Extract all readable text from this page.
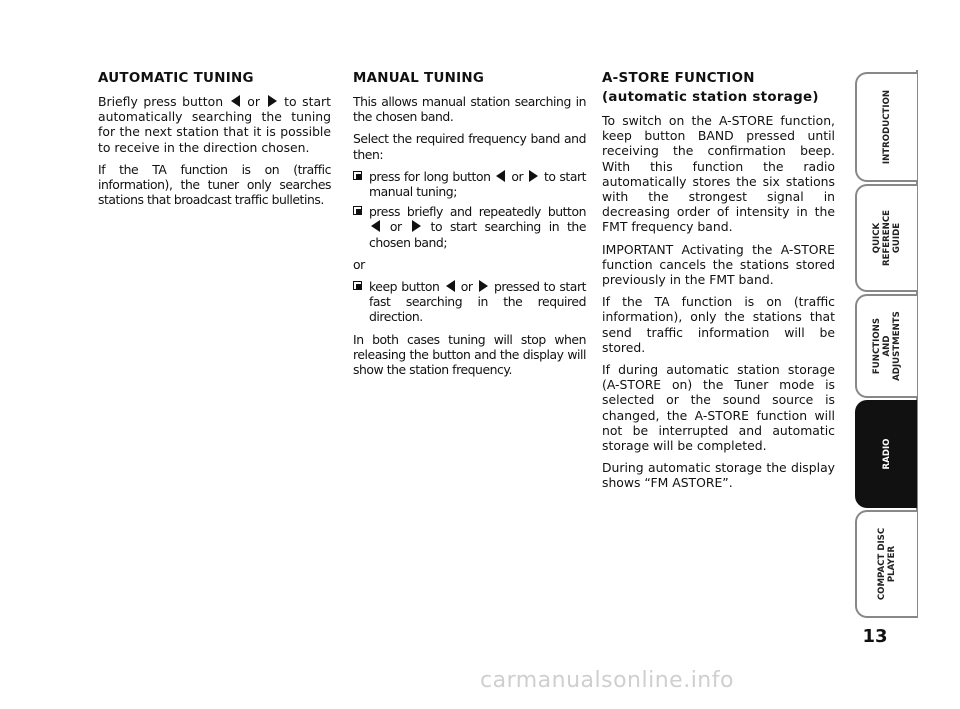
AUTOMATIC TUNING

Briefly press button or to start automatically searching the tuning for the next station that it is possible to receive in the direction chosen.

If the TA function is on (traffic information), the tuner only searches stations that broadcast traffic bulletins.

MANUAL TUNING

This allows manual station searching in the chosen band.

Select the required frequency band and then:

press for long button or to start manual tuning;
press briefly and repeatedly button  or to start searching in the chosen band;

or

keep button or pressed to start fast searching in the required direction.

In both cases tuning will stop when releasing the button and the display will show the station frequency.

A-STORE FUNCTION
(automatic station storage)

To switch on the A-STORE function, keep button BAND pressed until receiving the confirmation beep. With this function the radio automatically stores the six stations with the strongest signal in decreasing order of intensity in the FMT frequency band.

IMPORTANT Activating the A-STORE function cancels the stations stored previously in the FMT band.

If the TA function is on (traffic information), only the stations that send traffic information will be stored.

If during automatic station storage (A-STORE on) the Tuner mode is selected or the sound source is changed, the A-STORE function will not be interrupted and automatic storage will be completed.

During automatic storage the display shows “FM ASTORE”.

INTRODUCTION
QUICK REFERENCE GUIDE
FUNCTIONS AND ADJUSTMENTS
RADIO
COMPACT DISC PLAYER
13
carmanualsonline.info
